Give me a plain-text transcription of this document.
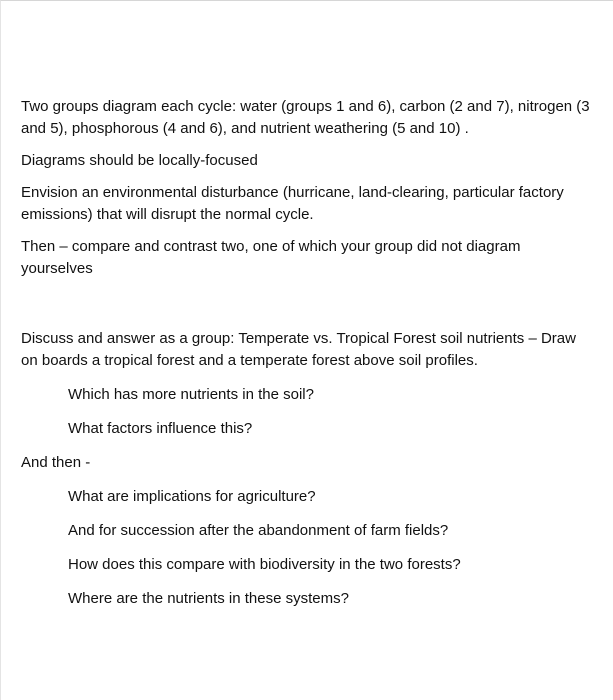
Two groups diagram each cycle: water (groups 1 and 6), carbon (2 and 7), nitrogen (3 and 5), phosphorous (4 and 6), and nutrient weathering (5 and 10) .

Diagrams should be locally-focused

Envision an environmental disturbance (hurricane, land-clearing, particular factory emissions) that will disrupt the normal cycle.

Then – compare and contrast two, one of which your group did not diagram yourselves

Discuss and answer as a group: Temperate vs. Tropical Forest soil nutrients – Draw on boards a tropical forest and a temperate forest above soil profiles.

Which has more nutrients in the soil?

What factors influence this?

And then -

What are implications for agriculture?

And for succession after the abandonment of farm fields?

How does this compare with biodiversity in the two forests?

Where are the nutrients in these systems?
